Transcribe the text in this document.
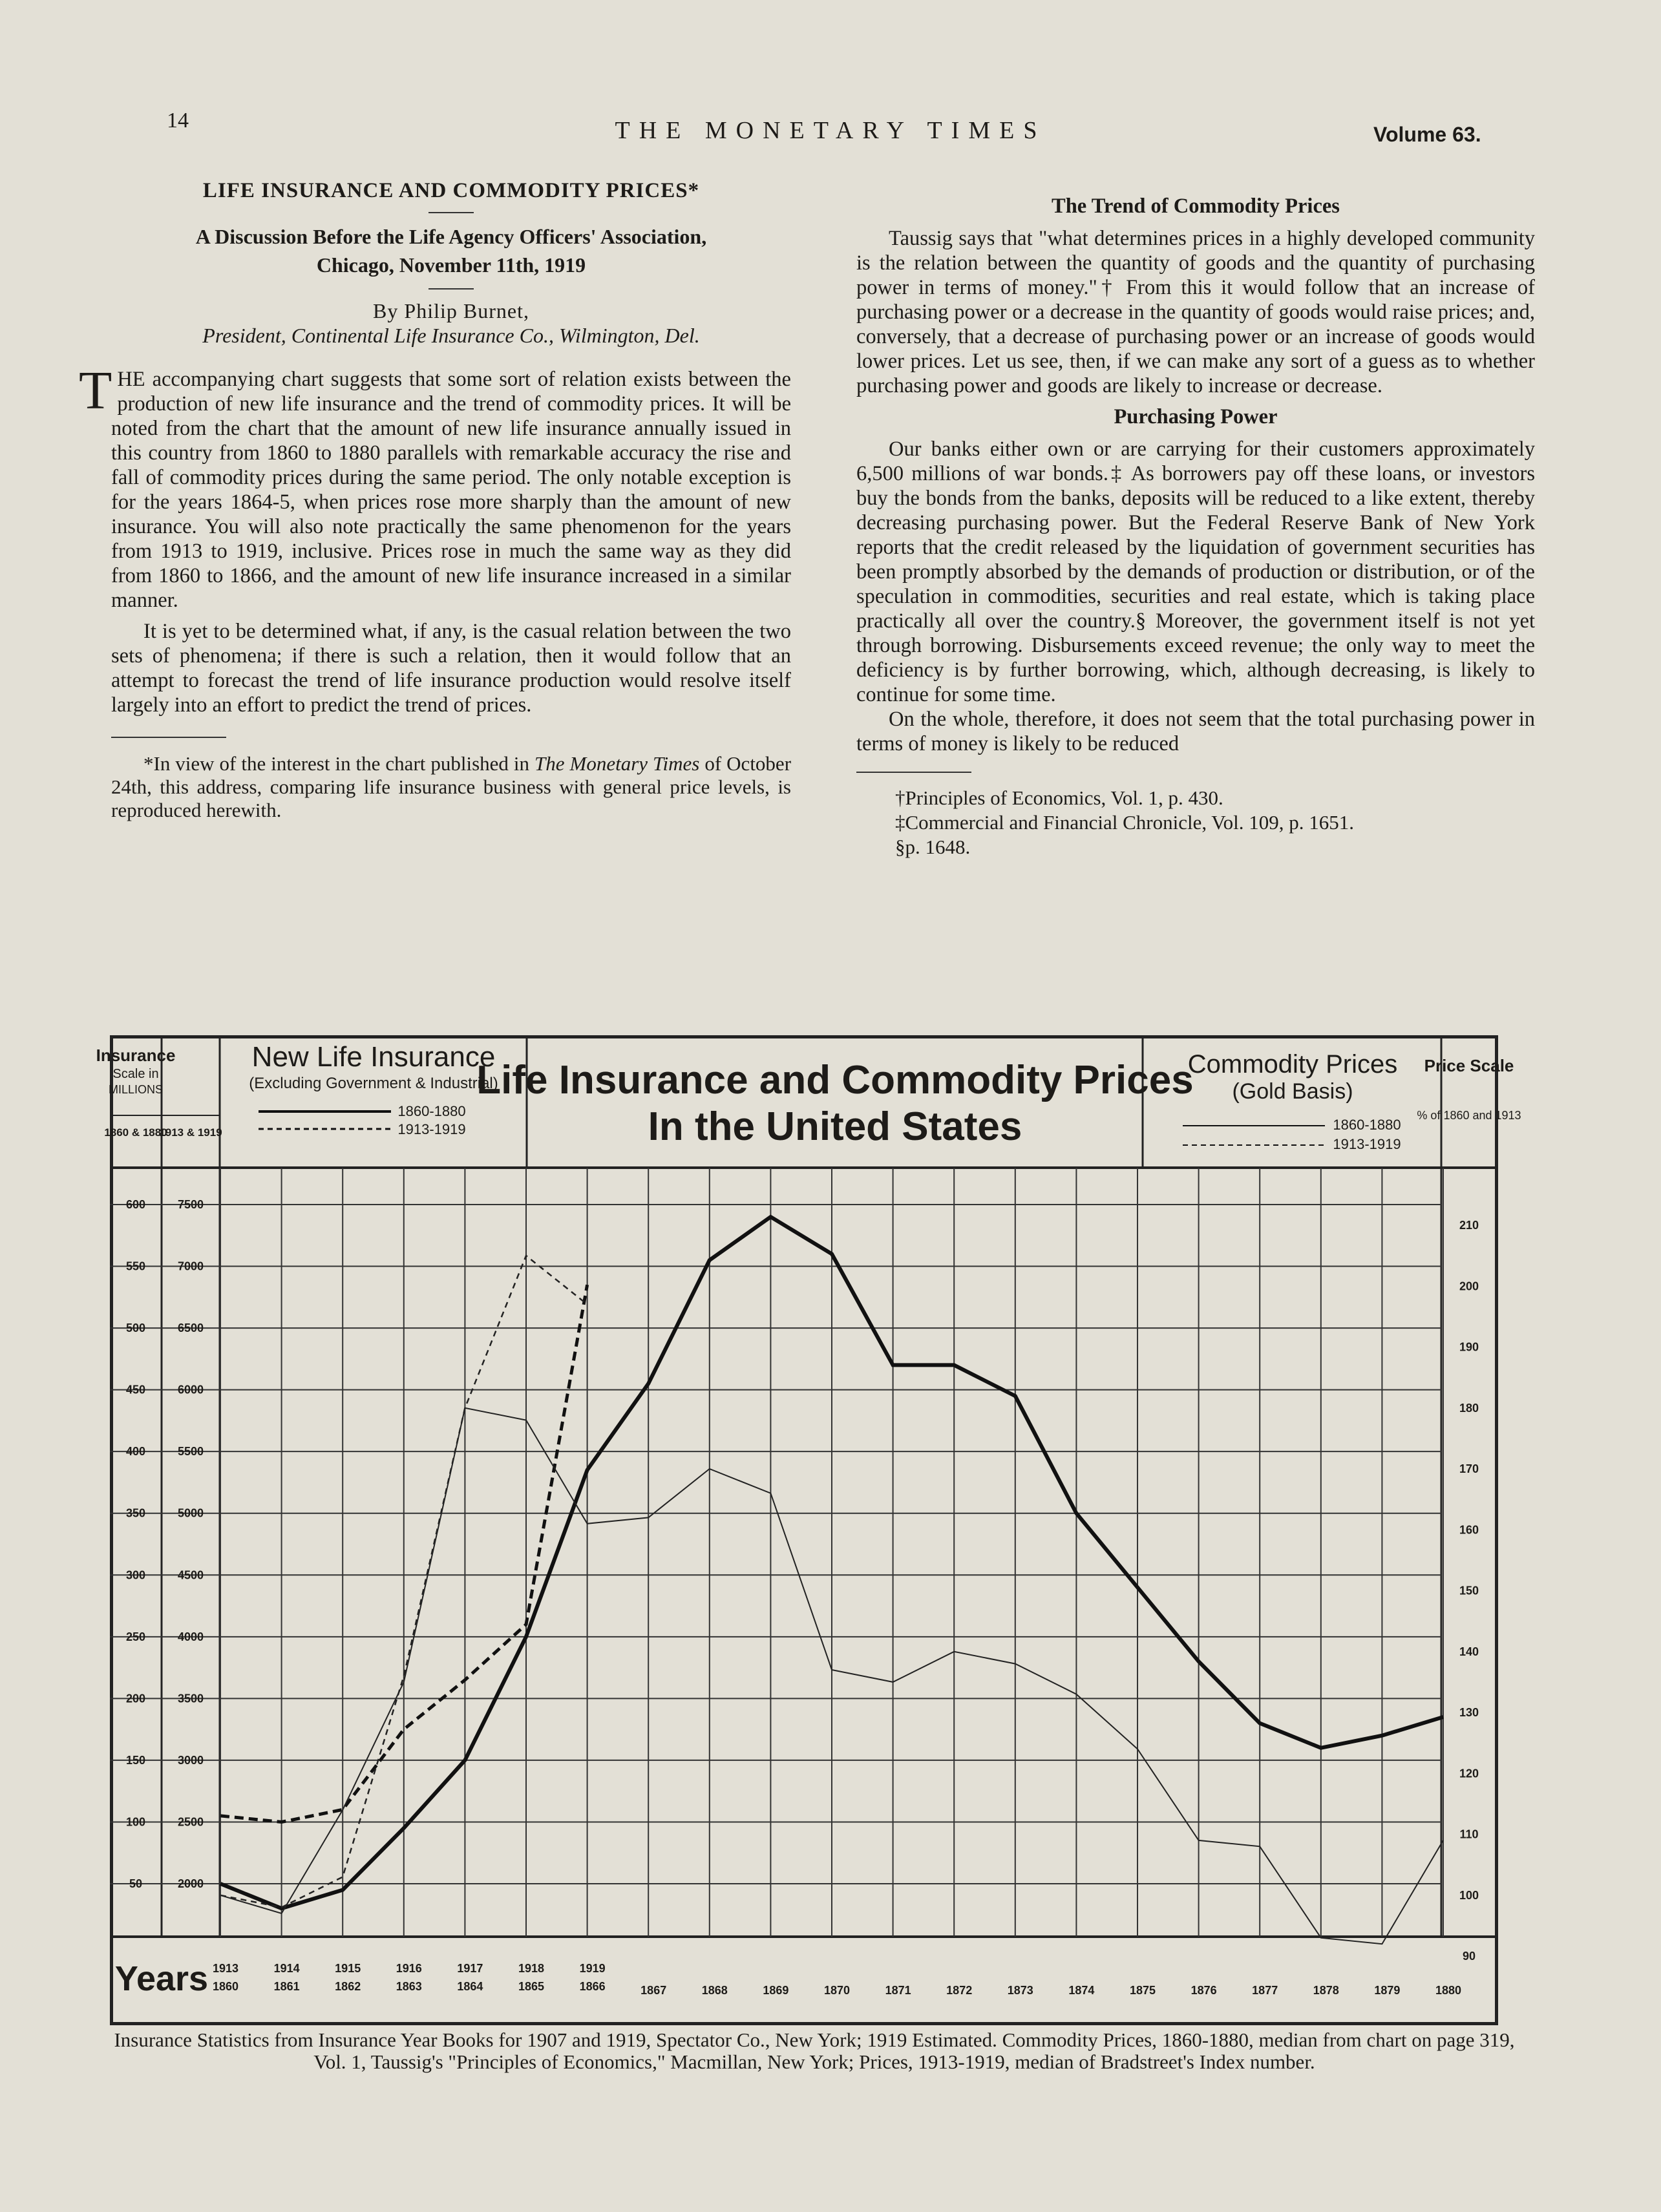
14	THE MONETARY TIMES	Volume 63.
LIFE INSURANCE AND COMMODITY PRICES*
A Discussion Before the Life Agency Officers' Association,
Chicago, November 11th, 1919
By Philip Burnet,
President, Continental Life Insurance Co., Wilmington, Del.

THE accompanying chart suggests that some sort of relation exists between the production of new life insurance and the trend of commodity prices. It will be noted from the chart that the amount of new life insurance annually issued in this country from 1860 to 1880 parallels with remarkable accuracy the rise and fall of commodity prices during the same period. The only notable exception is for the years 1864-5, when prices rose more sharply than the amount of new insurance. You will also note practically the same phenomenon for the years from 1913 to 1919, inclusive. Prices rose in much the same way as they did from 1860 to 1866, and the amount of new life insurance increased in a similar manner.

It is yet to be determined what, if any, is the casual relation between the two sets of phenomena; if there is such a relation, then it would follow that an attempt to forecast the trend of life insurance production would resolve itself largely into an effort to predict the trend of prices.

*In view of the interest in the chart published in The Monetary Times of October 24th, this address, comparing life insurance business with general price levels, is reproduced herewith.

The Trend of Commodity Prices

Taussig says that "what determines prices in a highly developed community is the relation between the quantity of goods and the quantity of purchasing power in terms of money."† From this it would follow that an increase of purchasing power or a decrease in the quantity of goods would raise prices; and, conversely, that a decrease of purchasing power or an increase of goods would lower prices. Let us see, then, if we can make any sort of a guess as to whether purchasing power and goods are likely to increase or decrease.

Purchasing Power

Our banks either own or are carrying for their customers approximately 6,500 millions of war bonds.‡ As borrowers pay off these loans, or investors buy the bonds from the banks, deposits will be reduced to a like extent, thereby decreasing purchasing power. But the Federal Reserve Bank of New York reports that the credit released by the liquidation of government securities has been promptly absorbed by the demands of production or distribution, or of the speculation in commodities, securities and real estate, which is taking place practically all over the country.§ Moreover, the government itself is not yet through borrowing. Disbursements exceed revenue; the only way to meet the deficiency is by further borrowing, which, although decreasing, is likely to continue for some time.

On the whole, therefore, it does not seem that the total purchasing power in terms of money is likely to be reduced

†Principles of Economics, Vol. 1, p. 430.

‡Commercial and Financial Chronicle, Vol. 109, p. 1651.

§p. 1648.

Insurance
Scale in
MILLIONS
1860 & 1880
1913 & 1919
New Life Insurance
(Excluding Government & Industrial)
1860-1880
1913-1919
Life Insurance and Commodity Prices
In the United States
Commodity Prices
(Gold Basis)
1860-1880
1913-1919
Price Scale
% of 1860 and 1913
600
550
500
450
400
350
300
250
200
150
100
50
7500
7000
6500
6000
5500
5000
4500
4000
3500
3000
2500
2000
210
200
190
180
170
160
150
140
130
120
110
100
90
Years 1913	1914	1915	1916	1917	1918	1919
1860	1861	1862	1863	1864	1865	1866	1867	1868	1869	1870	1871	1872	1873	1874	1875	1876	1877	1878	1879	1880
Insurance Statistics from Insurance Year Books for 1907 and 1919, Spectator Co., New York; 1919 Estimated. Commodity Prices, 1860-1880, median from chart on page 319, Vol. 1, Taussig's "Principles of Economics," Macmillan, New York; Prices, 1913-1919, median of Bradstreet's Index number.
